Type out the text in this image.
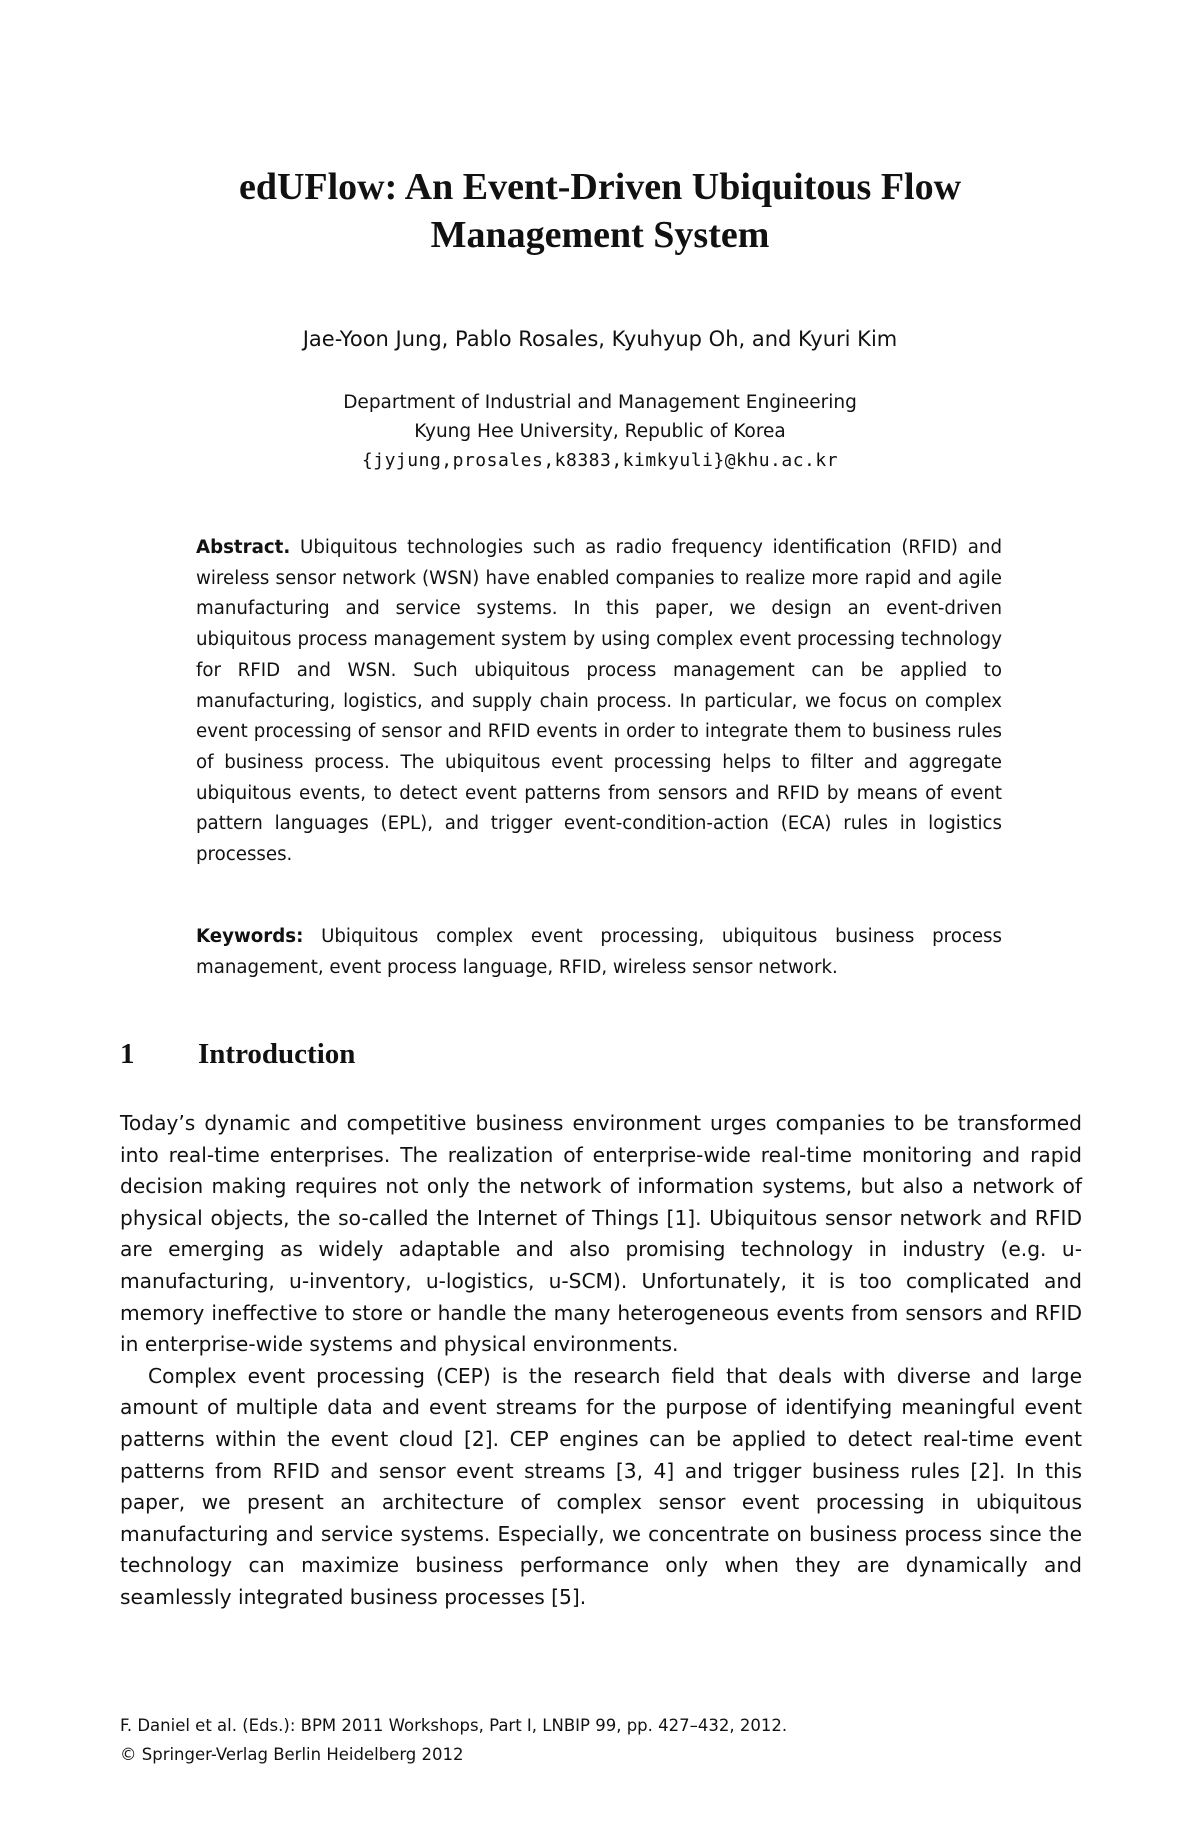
edUFlow: An Event-Driven Ubiquitous Flow
Management System
Jae-Yoon Jung, Pablo Rosales, Kyuhyup Oh, and Kyuri Kim
Department of Industrial and Management Engineering
Kyung Hee University, Republic of Korea
{jyjung,prosales,k8383,kimkyuli}@khu.ac.kr

Abstract. Ubiquitous technologies such as radio frequency identification (RFID) and wireless sensor network (WSN) have enabled companies to realize more rapid and agile manufacturing and service systems. In this paper, we design an event-driven ubiquitous process management system by using complex event processing technology for RFID and WSN. Such ubiquitous process management can be applied to manufacturing, logistics, and supply chain process. In particular, we focus on complex event processing of sensor and RFID events in order to integrate them to business rules of business process. The ubiquitous event processing helps to filter and aggregate ubiquitous events, to detect event patterns from sensors and RFID by means of event pattern languages (EPL), and trigger event-condition-action (ECA) rules in logistics processes.

Keywords: Ubiquitous complex event processing, ubiquitous business process management, event process language, RFID, wireless sensor network.

1 Introduction

Today’s dynamic and competitive business environment urges companies to be transformed into real-time enterprises. The realization of enterprise-wide real-time monitoring and rapid decision making requires not only the network of information systems, but also a network of physical objects, the so-called the Internet of Things [1]. Ubiquitous sensor network and RFID are emerging as widely adaptable and also promising technology in industry (e.g. u-manufacturing, u-inventory, u-logistics, u-SCM). Unfortunately, it is too complicated and memory ineffective to store or handle the many heterogeneous events from sensors and RFID in enterprise-wide systems and physical environments.

Complex event processing (CEP) is the research field that deals with diverse and large amount of multiple data and event streams for the purpose of identifying meaningful event patterns within the event cloud [2]. CEP engines can be applied to detect real-time event patterns from RFID and sensor event streams [3, 4] and trigger business rules [2]. In this paper, we present an architecture of complex sensor event processing in ubiquitous manufacturing and service systems. Especially, we concentrate on business process since the technology can maximize business performance only when they are dynamically and seamlessly integrated business processes [5].

F. Daniel et al. (Eds.): BPM 2011 Workshops, Part I, LNBIP 99, pp. 427–432, 2012.
© Springer-Verlag Berlin Heidelberg 2012
